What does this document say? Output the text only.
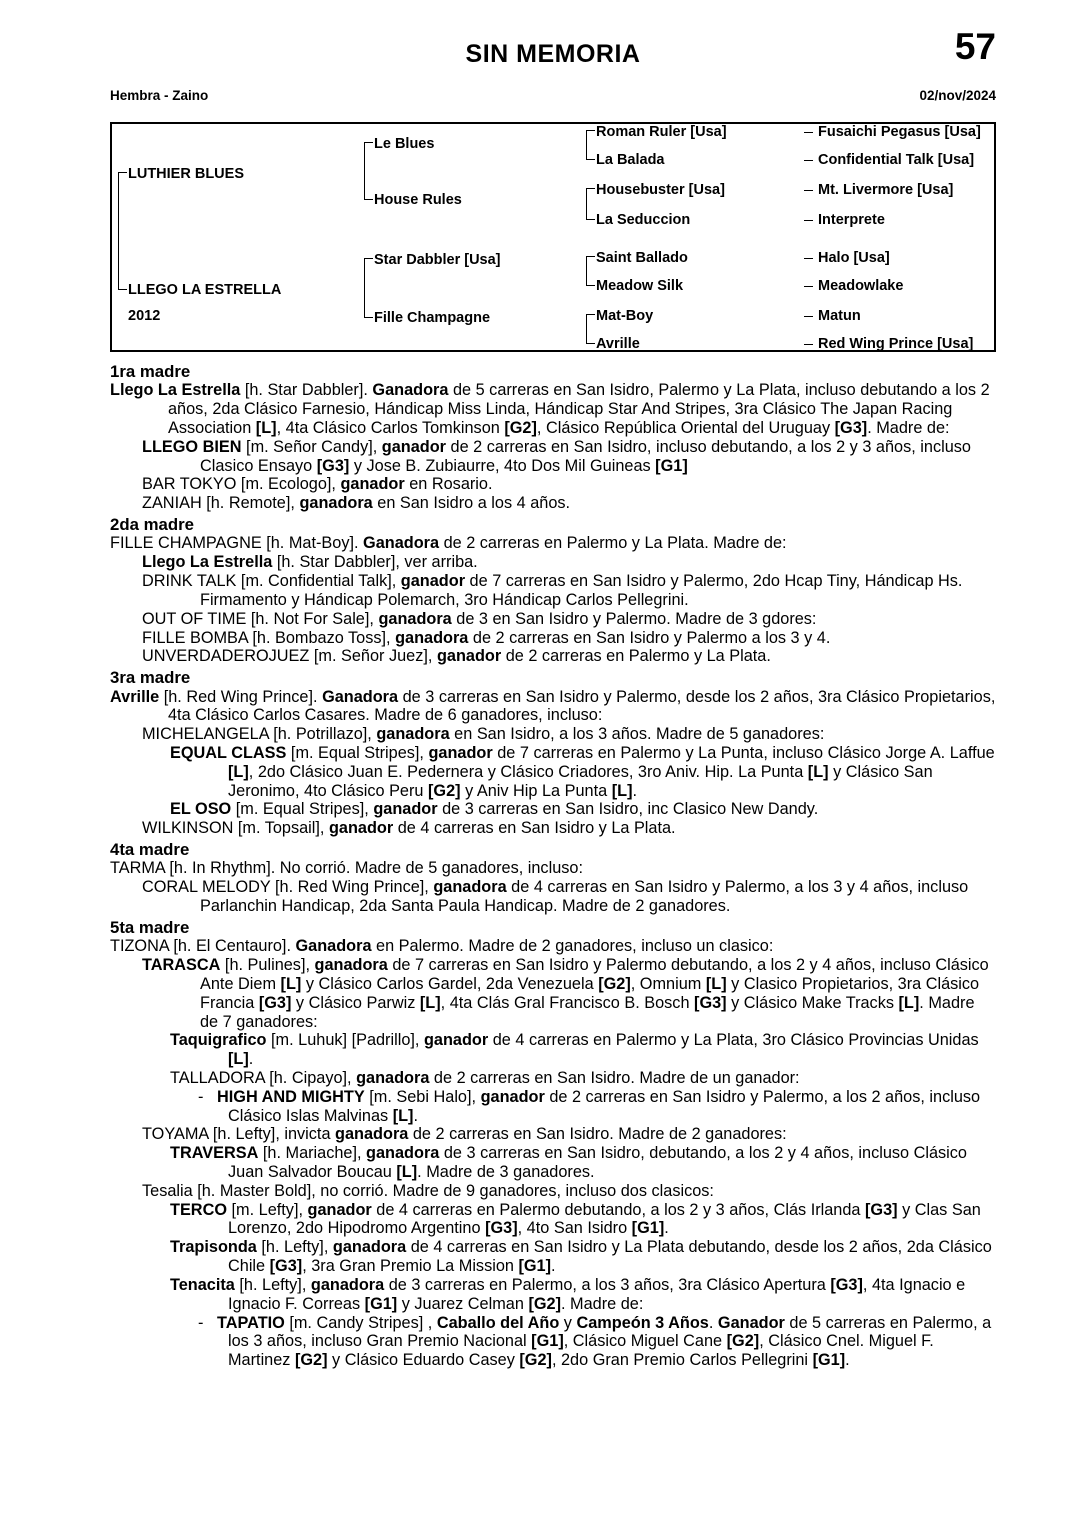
SIN MEMORIA	57
Hembra - Zaino	02/nov/2024
LUTHIER BLUES
LLEGO LA ESTRELLA
2012
Le Blues
House Rules
Star Dabbler [Usa]
Fille Champagne
Roman Ruler [Usa]
La Balada
Housebuster [Usa]
La Seduccion
Saint Ballado
Meadow Silk
Mat-Boy
Avrille
Fusaichi Pegasus [Usa]
Confidential Talk [Usa]
Mt. Livermore [Usa]
Interprete
Halo [Usa]
Meadowlake
Matun
Red Wing Prince [Usa]
1ra madre

Llego La Estrella [h. Star Dabbler]. Ganadora de 5 carreras en San Isidro, Palermo y La Plata, incluso debutando a los 2 años, 2da Clásico Farnesio, Hándicap Miss Linda, Hándicap Star And Stripes, 3ra Clásico The Japan Racing Association [L], 4ta Clásico Carlos Tomkinson [G2], Clásico República Oriental del Uruguay [G3]. Madre de:

LLEGO BIEN [m. Señor Candy], ganador de 2 carreras en San Isidro, incluso debutando, a los 2 y 3 años, incluso Clasico Ensayo [G3] y Jose B. Zubiaurre, 4to Dos Mil Guineas [G1]

BAR TOKYO [m. Ecologo], ganador en Rosario.

ZANIAH [h. Remote], ganadora en San Isidro a los 4 años.

2da madre

FILLE CHAMPAGNE [h. Mat-Boy]. Ganadora de 2 carreras en Palermo y La Plata. Madre de:

Llego La Estrella [h. Star Dabbler], ver arriba.

DRINK TALK [m. Confidential Talk], ganador de 7 carreras en San Isidro y Palermo, 2do Hcap Tiny, Hándicap Hs. Firmamento y Hándicap Polemarch, 3ro Hándicap Carlos Pellegrini.

OUT OF TIME [h. Not For Sale], ganadora de 3 en San Isidro y Palermo. Madre de 3 gdores:

FILLE BOMBA [h. Bombazo Toss], ganadora de 2 carreras en San Isidro y Palermo a los 3 y 4.

UNVERDADEROJUEZ [m. Señor Juez], ganador de 2 carreras en Palermo y La Plata.

3ra madre

Avrille [h. Red Wing Prince]. Ganadora de 3 carreras en San Isidro y Palermo, desde los 2 años, 3ra Clásico Propietarios, 4ta Clásico Carlos Casares. Madre de 6 ganadores, incluso:

MICHELANGELA [h. Potrillazo], ganadora en San Isidro, a los 3 años. Madre de 5 ganadores:

EQUAL CLASS [m. Equal Stripes], ganador de 7 carreras en Palermo y La Punta, incluso Clásico Jorge A. Laffue [L], 2do Clásico Juan E. Pedernera y Clásico Criadores, 3ro Aniv. Hip. La Punta [L] y Clásico San Jeronimo, 4to Clásico Peru [G2] y Aniv Hip La Punta [L].

EL OSO [m. Equal Stripes], ganador de 3 carreras en San Isidro, inc Clasico New Dandy.

WILKINSON [m. Topsail], ganador de 4 carreras en San Isidro y La Plata.

4ta madre

TARMA [h. In Rhythm]. No corrió. Madre de 5 ganadores, incluso:

CORAL MELODY [h. Red Wing Prince], ganadora de 4 carreras en San Isidro y Palermo, a los 3 y 4 años, incluso Parlanchin Handicap, 2da Santa Paula Handicap. Madre de 2 ganadores.

5ta madre

TIZONA [h. El Centauro]. Ganadora en Palermo. Madre de 2 ganadores, incluso un clasico:

TARASCA [h. Pulines], ganadora de 7 carreras en San Isidro y Palermo debutando, a los 2 y 4 años, incluso Clásico Ante Diem [L] y Clásico Carlos Gardel, 2da Venezuela [G2], Omnium [L] y Clasico Propietarios, 3ra Clásico Francia [G3] y Clásico Parwiz [L], 4ta Clás Gral Francisco B. Bosch [G3] y Clásico Make Tracks [L]. Madre de 7 ganadores:

Taquigrafico [m. Luhuk] [Padrillo], ganador de 4 carreras en Palermo y La Plata, 3ro Clásico Provincias Unidas [L].

TALLADORA [h. Cipayo], ganadora de 2 carreras en San Isidro. Madre de un ganador:

-   HIGH AND MIGHTY [m. Sebi Halo], ganador de 2 carreras en San Isidro y Palermo, a los 2 años, incluso Clásico Islas Malvinas [L].

TOYAMA [h. Lefty], invicta ganadora de 2 carreras en San Isidro. Madre de 2 ganadores:

TRAVERSA [h. Mariache], ganadora de 3 carreras en San Isidro, debutando, a los 2 y 4 años, incluso Clásico Juan Salvador Boucau [L]. Madre de 3 ganadores.

Tesalia [h. Master Bold], no corrió. Madre de 9 ganadores, incluso dos clasicos:

TERCO [m. Lefty], ganador de 4 carreras en Palermo debutando, a los 2 y 3 años, Clás Irlanda [G3] y Clas San Lorenzo, 2do Hipodromo Argentino [G3], 4to San Isidro [G1].

Trapisonda [h. Lefty], ganadora de 4 carreras en San Isidro y La Plata debutando, desde los 2 años, 2da Clásico Chile [G3], 3ra Gran Premio La Mission [G1].

Tenacita [h. Lefty], ganadora de 3 carreras en Palermo, a los 3 años, 3ra Clásico Apertura [G3], 4ta Ignacio e Ignacio F. Correas [G1] y Juarez Celman [G2]. Madre de:

-   TAPATIO [m. Candy Stripes] , Caballo del Año y Campeón 3 Años. Ganador de 5 carreras en Palermo, a los 3 años, incluso Gran Premio Nacional [G1], Clásico Miguel Cane [G2], Clásico Cnel. Miguel F. Martinez [G2] y Clásico Eduardo Casey [G2], 2do Gran Premio Carlos Pellegrini [G1].
